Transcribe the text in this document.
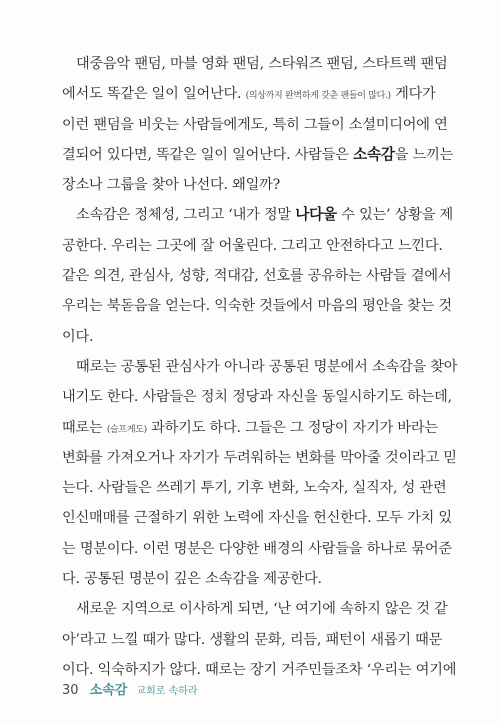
대중음악 팬덤, 마블 영화 팬덤, 스타워즈 팬덤, 스타트렉 팬덤
에서도 똑같은 일이 일어난다. (의상까지 완벽하게 갖춘 팬들이 많다.) 게다가
이런 팬덤을 비웃는 사람들에게도, 특히 그들이 소셜미디어에 연
결되어 있다면, 똑같은 일이 일어난다. 사람들은 소속감을 느끼는
장소나 그룹을 찾아 나선다. 왜일까?
소속감은 정체성, 그리고 ‘내가 정말 나다울 수 있는’ 상황을 제
공한다. 우리는 그곳에 잘 어울린다. 그리고 안전하다고 느낀다.
같은 의견, 관심사, 성향, 적대감, 선호를 공유하는 사람들 곁에서
우리는 북돋음을 얻는다. 익숙한 것들에서 마음의 평안을 찾는 것
이다.
때로는 공통된 관심사가 아니라 공통된 명분에서 소속감을 찾아
내기도 한다. 사람들은 정치 정당과 자신을 동일시하기도 하는데,
때로는 (슬프게도) 과하기도 하다. 그들은 그 정당이 자기가 바라는
변화를 가져오거나 자기가 두려워하는 변화를 막아줄 것이라고 믿
는다. 사람들은 쓰레기 투기, 기후 변화, 노숙자, 실직자, 성 관련
인신매매를 근절하기 위한 노력에 자신을 헌신한다. 모두 가치 있
는 명분이다. 이런 명분은 다양한 배경의 사람들을 하나로 묶어준
다. 공통된 명분이 깊은 소속감을 제공한다.
새로운 지역으로 이사하게 되면, ‘난 여기에 속하지 않은 것 같
아’라고 느낄 때가 많다. 생활의 문화, 리듬, 패턴이 새롭기 때문
이다. 익숙하지가 않다. 때로는 장기 거주민들조차 ‘우리는 여기에
30 소속감 교회로 속하라
